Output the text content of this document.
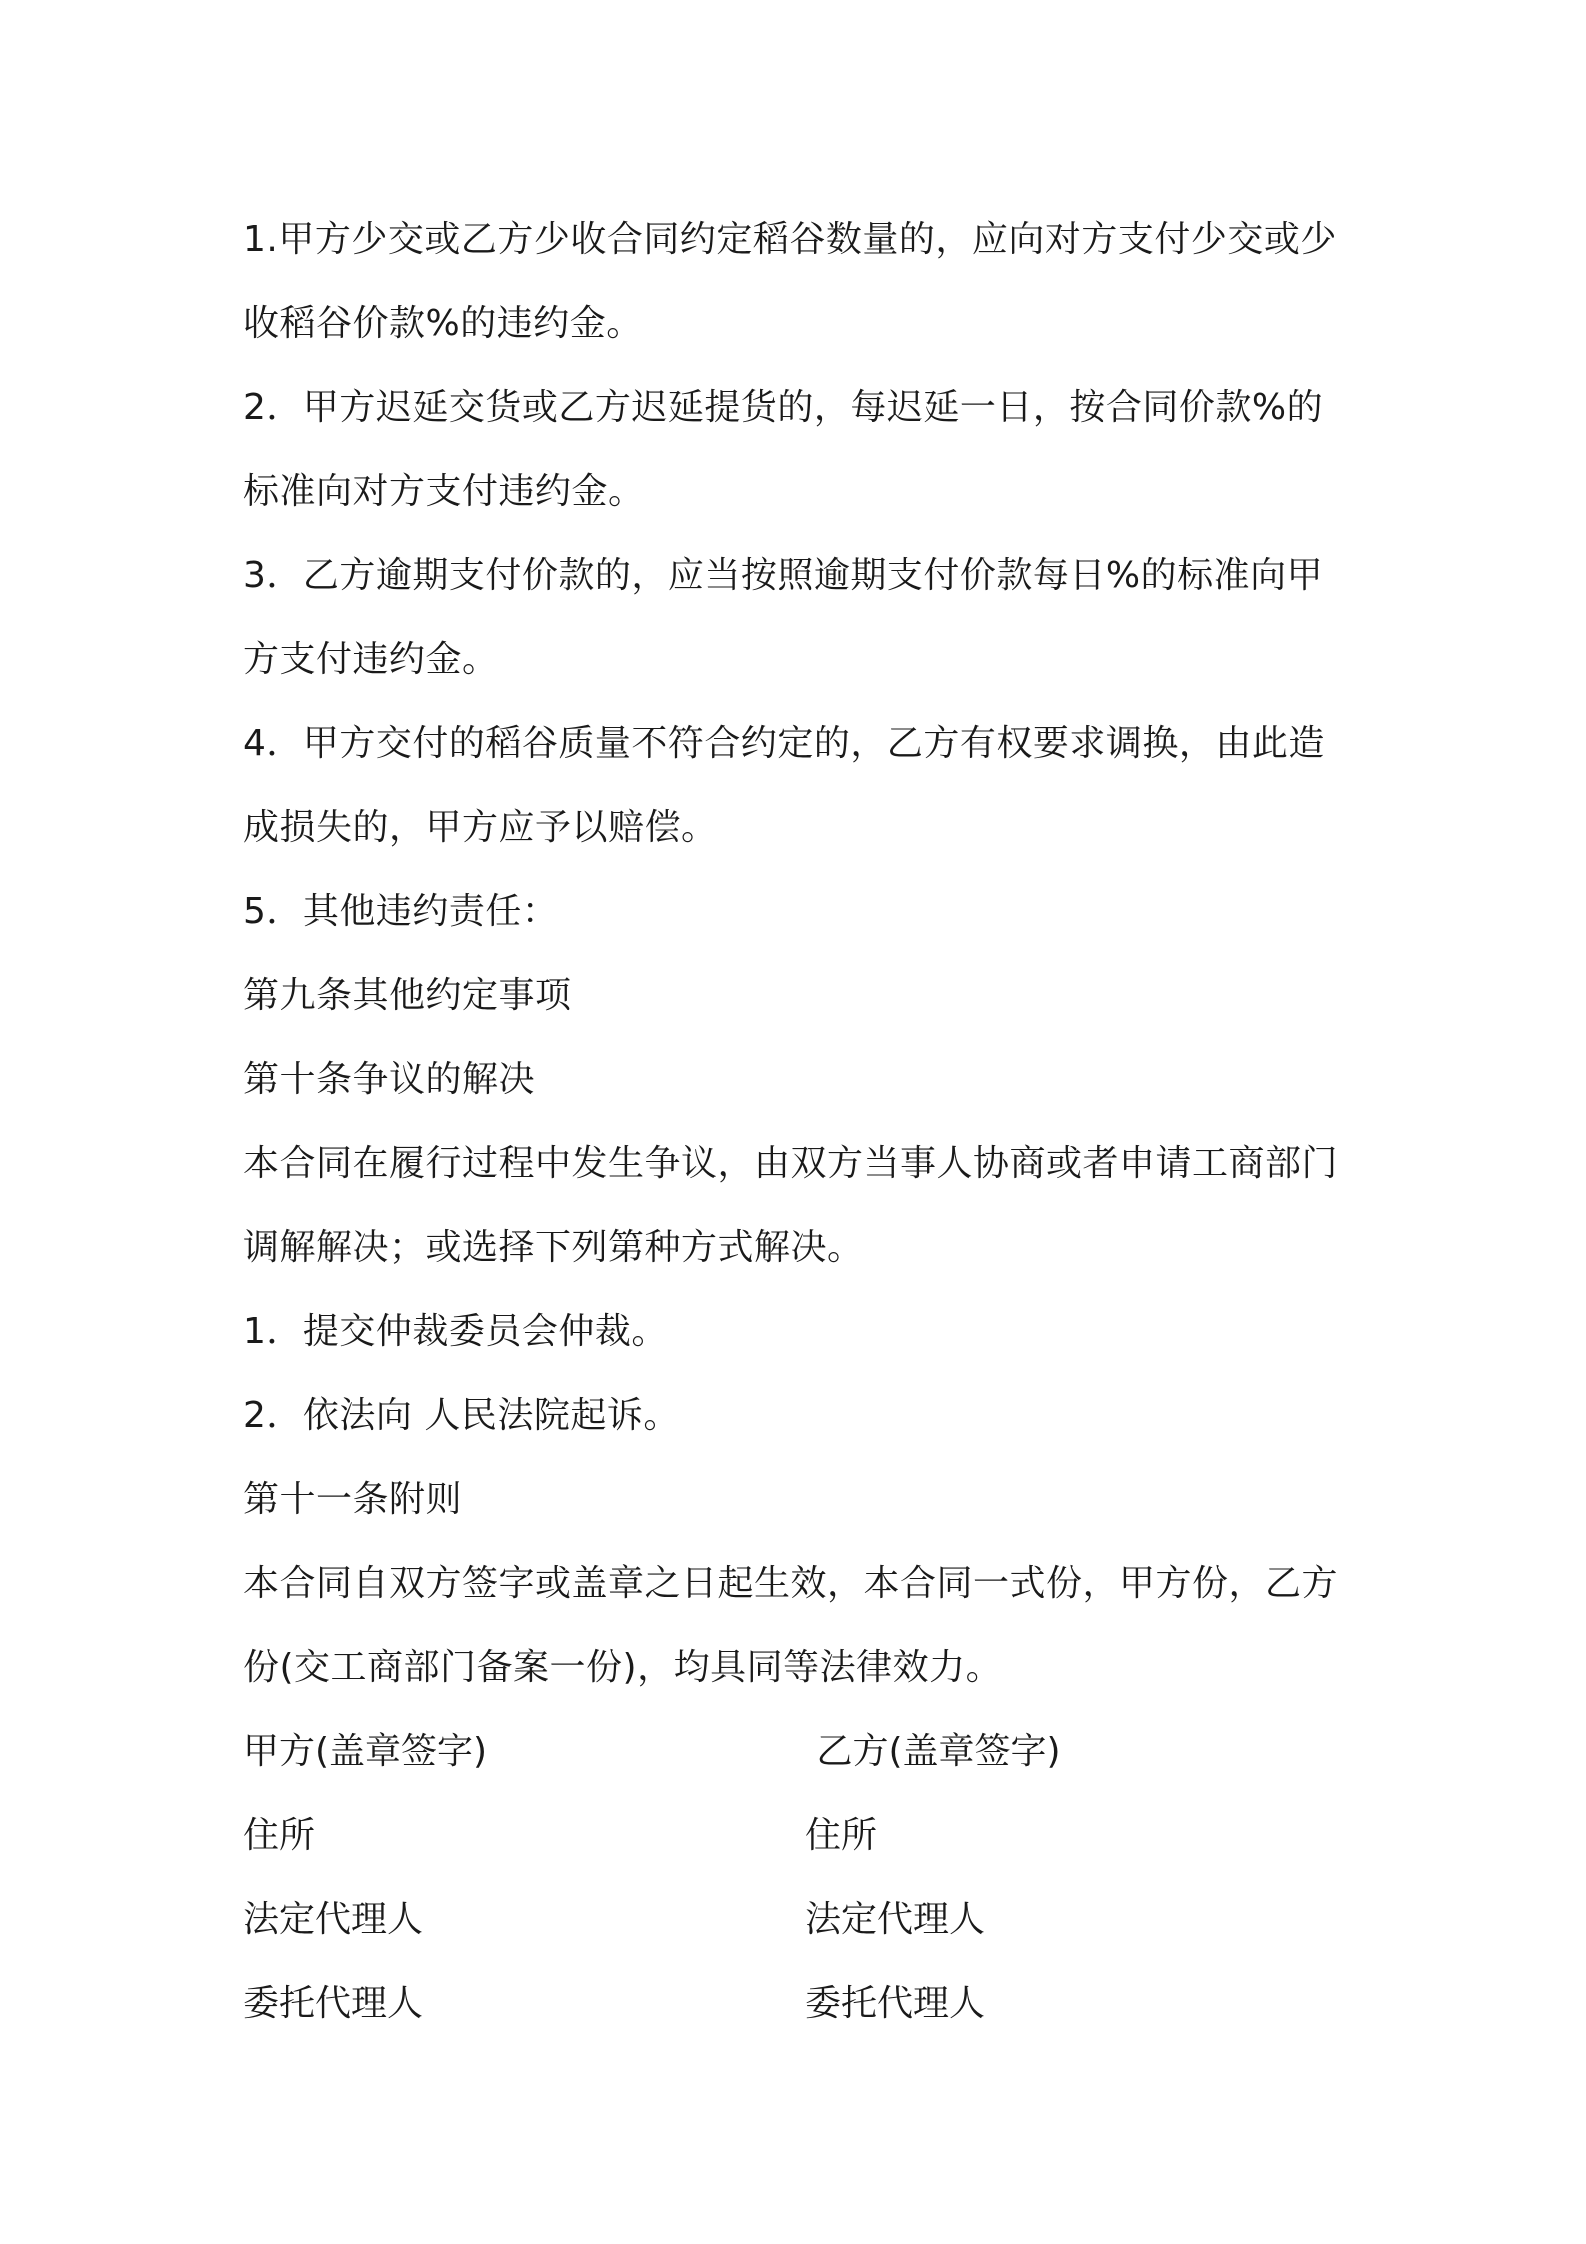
1.甲方少交或乙方少收合同约定稻谷数量的，应向对方支付少交或少
收稻谷价款%的违约金。
2．甲方迟延交货或乙方迟延提货的，每迟延一日，按合同价款%的
标准向对方支付违约金。
3．乙方逾期支付价款的，应当按照逾期支付价款每日%的标准向甲
方支付违约金。
4．甲方交付的稻谷质量不符合约定的，乙方有权要求调换，由此造
成损失的，甲方应予以赔偿。
5．其他违约责任：
第九条其他约定事项
第十条争议的解决
本合同在履行过程中发生争议，由双方当事人协商或者申请工商部门
调解解决；或选择下列第种方式解决。
1．提交仲裁委员会仲裁。
2．依法向 人民法院起诉。
第十一条附则
本合同自双方签字或盖章之日起生效，本合同一式份，甲方份，乙方
份(交工商部门备案一份)，均具同等法律效力。
甲方(盖章签字)	乙方(盖章签字)
住所	住所
法定代理人	法定代理人
委托代理人	委托代理人
